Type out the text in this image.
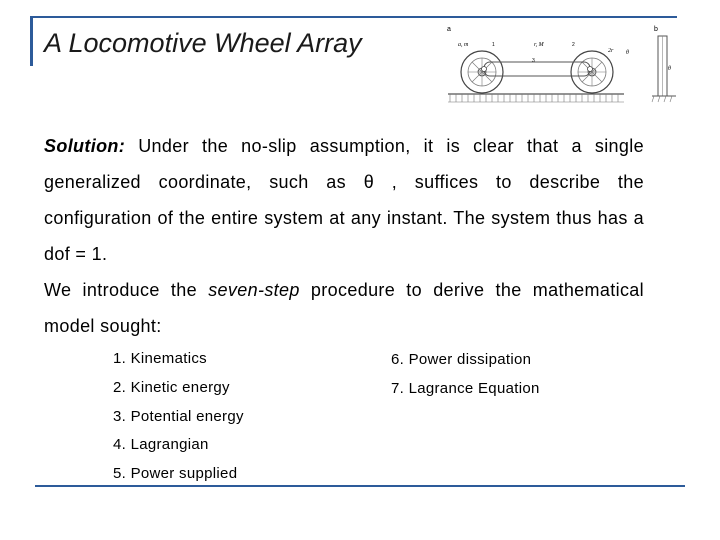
A Locomotive Wheel Array	a	b
a, m	r, M
1	2
3
2r θ
θ
Solution: Under the no-slip assumption, it is clear that a single generalized coordinate, such as θ , suffices to describe the configuration of the entire system at any instant. The system thus has a dof = 1.
We introduce the seven-step procedure to derive the mathematical model sought:
1. Kinematics
2. Kinetic energy
3. Potential energy
4. Lagrangian
5. Power supplied
6. Power dissipation
7. Lagrance Equation
